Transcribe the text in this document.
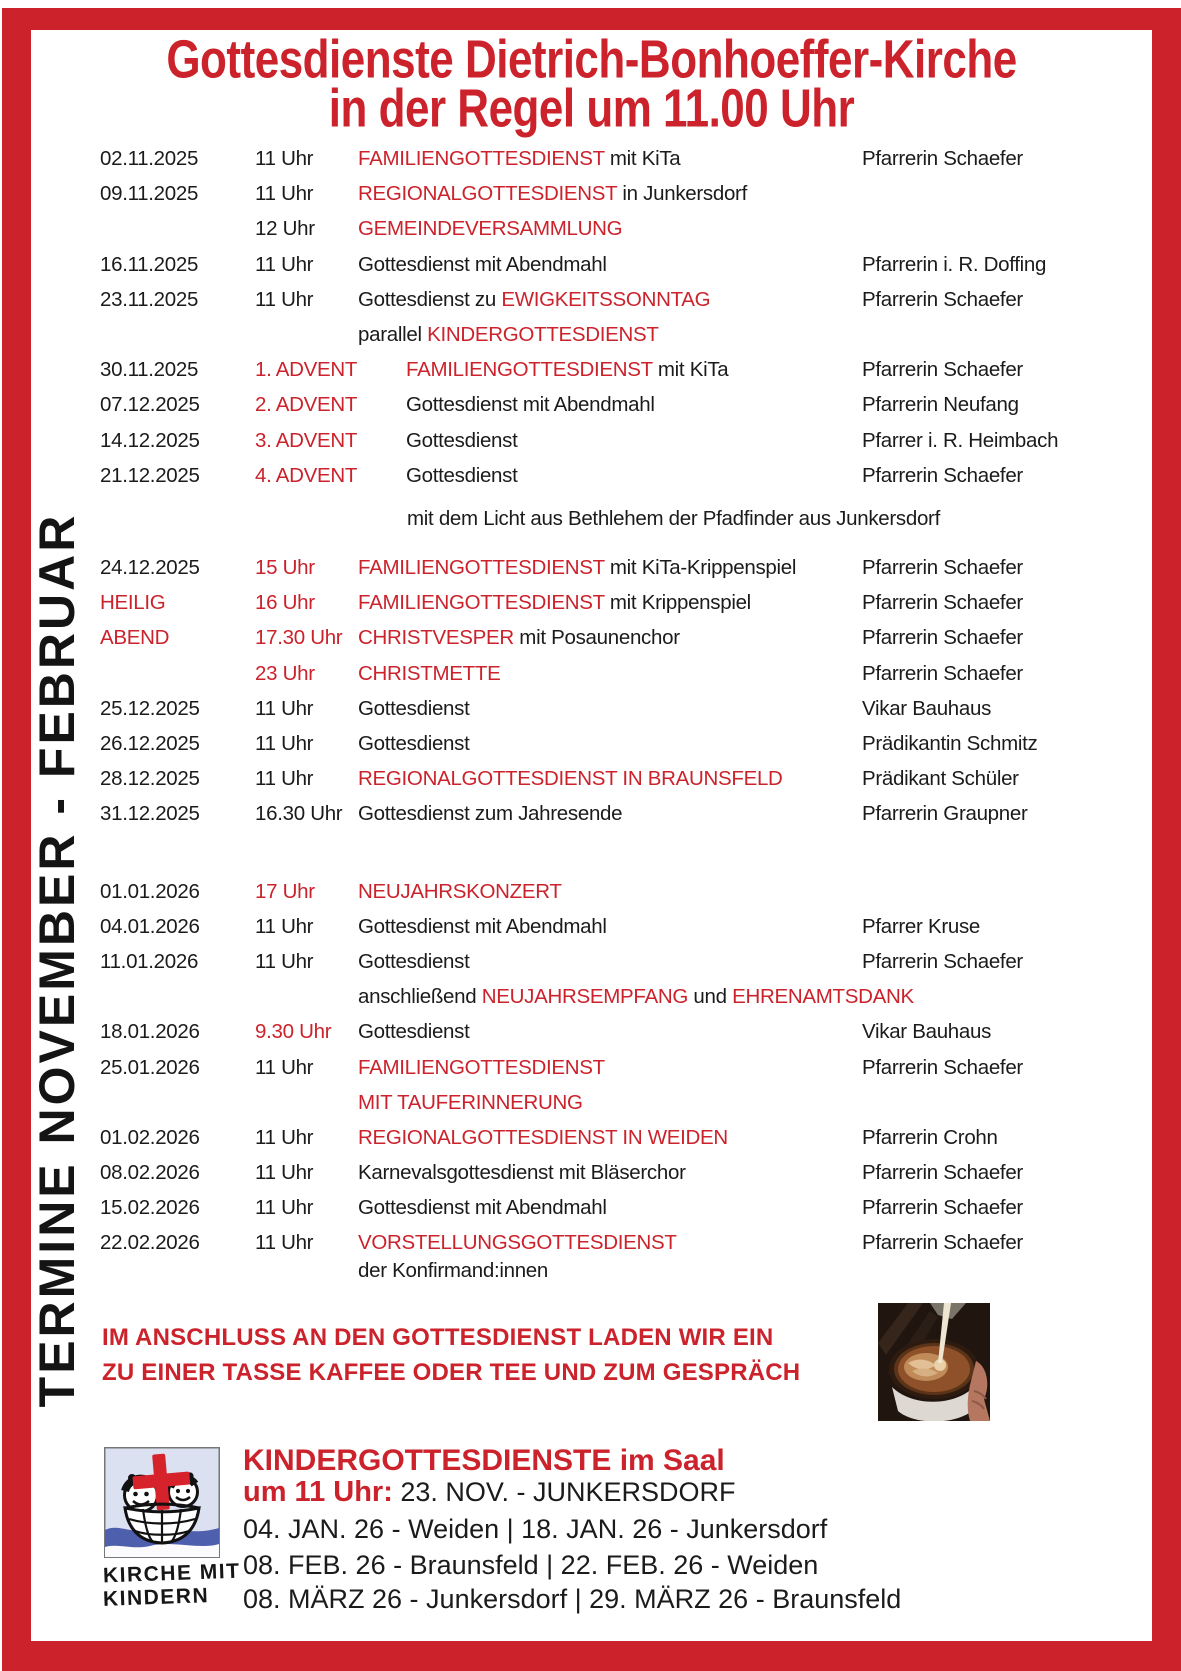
Gottesdienste Dietrich-Bonhoeffer-Kirche
in der Regel um 11.00 Uhr
TERMINE NOVEMBER - FEBRUAR
02.11.2025	11 Uhr FAMILIENGOTTESDIENST mit KiTa	Pfarrerin Schaefer
09.11.2025	11 Uhr REGIONALGOTTESDIENST in Junkersdorf
12 Uhr GEMEINDEVERSAMMLUNG
16.11.2025	11 Uhr Gottesdienst mit Abendmahl	Pfarrerin i. R. Doffing
23.11.2025	11 Uhr Gottesdienst zu EWIGKEITSSONNTAG	Pfarrerin Schaefer
parallel KINDERGOTTESDIENST
30.11.2025	1. ADVENT FAMILIENGOTTESDIENST mit KiTa	Pfarrerin Schaefer
07.12.2025	2. ADVENT Gottesdienst mit Abendmahl	Pfarrerin Neufang
14.12.2025	3. ADVENT Gottesdienst	Pfarrer i. R. Heimbach
21.12.2025	4. ADVENT Gottesdienst	Pfarrerin Schaefer
mit dem Licht aus Bethlehem der Pfadfinder aus Junkersdorf
24.12.2025	15 Uhr FAMILIENGOTTESDIENST mit KiTa-Krippenspiel	Pfarrerin Schaefer
HEILIG	16 Uhr FAMILIENGOTTESDIENST mit Krippenspiel	Pfarrerin Schaefer
ABEND	17.30 Uhr CHRISTVESPER mit Posaunenchor	Pfarrerin Schaefer
23 Uhr CHRISTMETTE	Pfarrerin Schaefer
25.12.2025	11 Uhr Gottesdienst	Vikar Bauhaus
26.12.2025	11 Uhr Gottesdienst	Prädikantin Schmitz
28.12.2025	11 Uhr REGIONALGOTTESDIENST IN BRAUNSFELD	Prädikant Schüler
31.12.2025	16.30 Uhr Gottesdienst zum Jahresende	Pfarrerin Graupner
01.01.2026	17 Uhr NEUJAHRSKONZERT
04.01.2026	11 Uhr Gottesdienst mit Abendmahl	Pfarrer Kruse
11.01.2026	11 Uhr Gottesdienst	Pfarrerin Schaefer
anschließend NEUJAHRSEMPFANG und EHRENAMTSDANK
18.01.2026	9.30 Uhr Gottesdienst	Vikar Bauhaus
25.01.2026	11 Uhr FAMILIENGOTTESDIENST	Pfarrerin Schaefer
MIT TAUFERINNERUNG
01.02.2026	11 Uhr REGIONALGOTTESDIENST IN WEIDEN	Pfarrerin Crohn
08.02.2026	11 Uhr Karnevalsgottesdienst mit Bläserchor	Pfarrerin Schaefer
15.02.2026	11 Uhr Gottesdienst mit Abendmahl	Pfarrerin Schaefer
22.02.2026	11 Uhr VORSTELLUNGSGOTTESDIENST	Pfarrerin Schaefer
der Konfirmand:innen
IM ANSCHLUSS AN DEN GOTTESDIENST LADEN WIR EIN
ZU EINER TASSE KAFFEE ODER TEE UND ZUM GESPRÄCH
KIRCHE MIT
KINDERN
KINDERGOTTESDIENSTE im Saal
um 11 Uhr: 23. NOV. - JUNKERSDORF
04. JAN. 26 - Weiden | 18. JAN. 26 - Junkersdorf
08. FEB. 26 - Braunsfeld | 22. FEB. 26 - Weiden
08. MÄRZ 26 - Junkersdorf | 29. MÄRZ 26 - Braunsfeld
